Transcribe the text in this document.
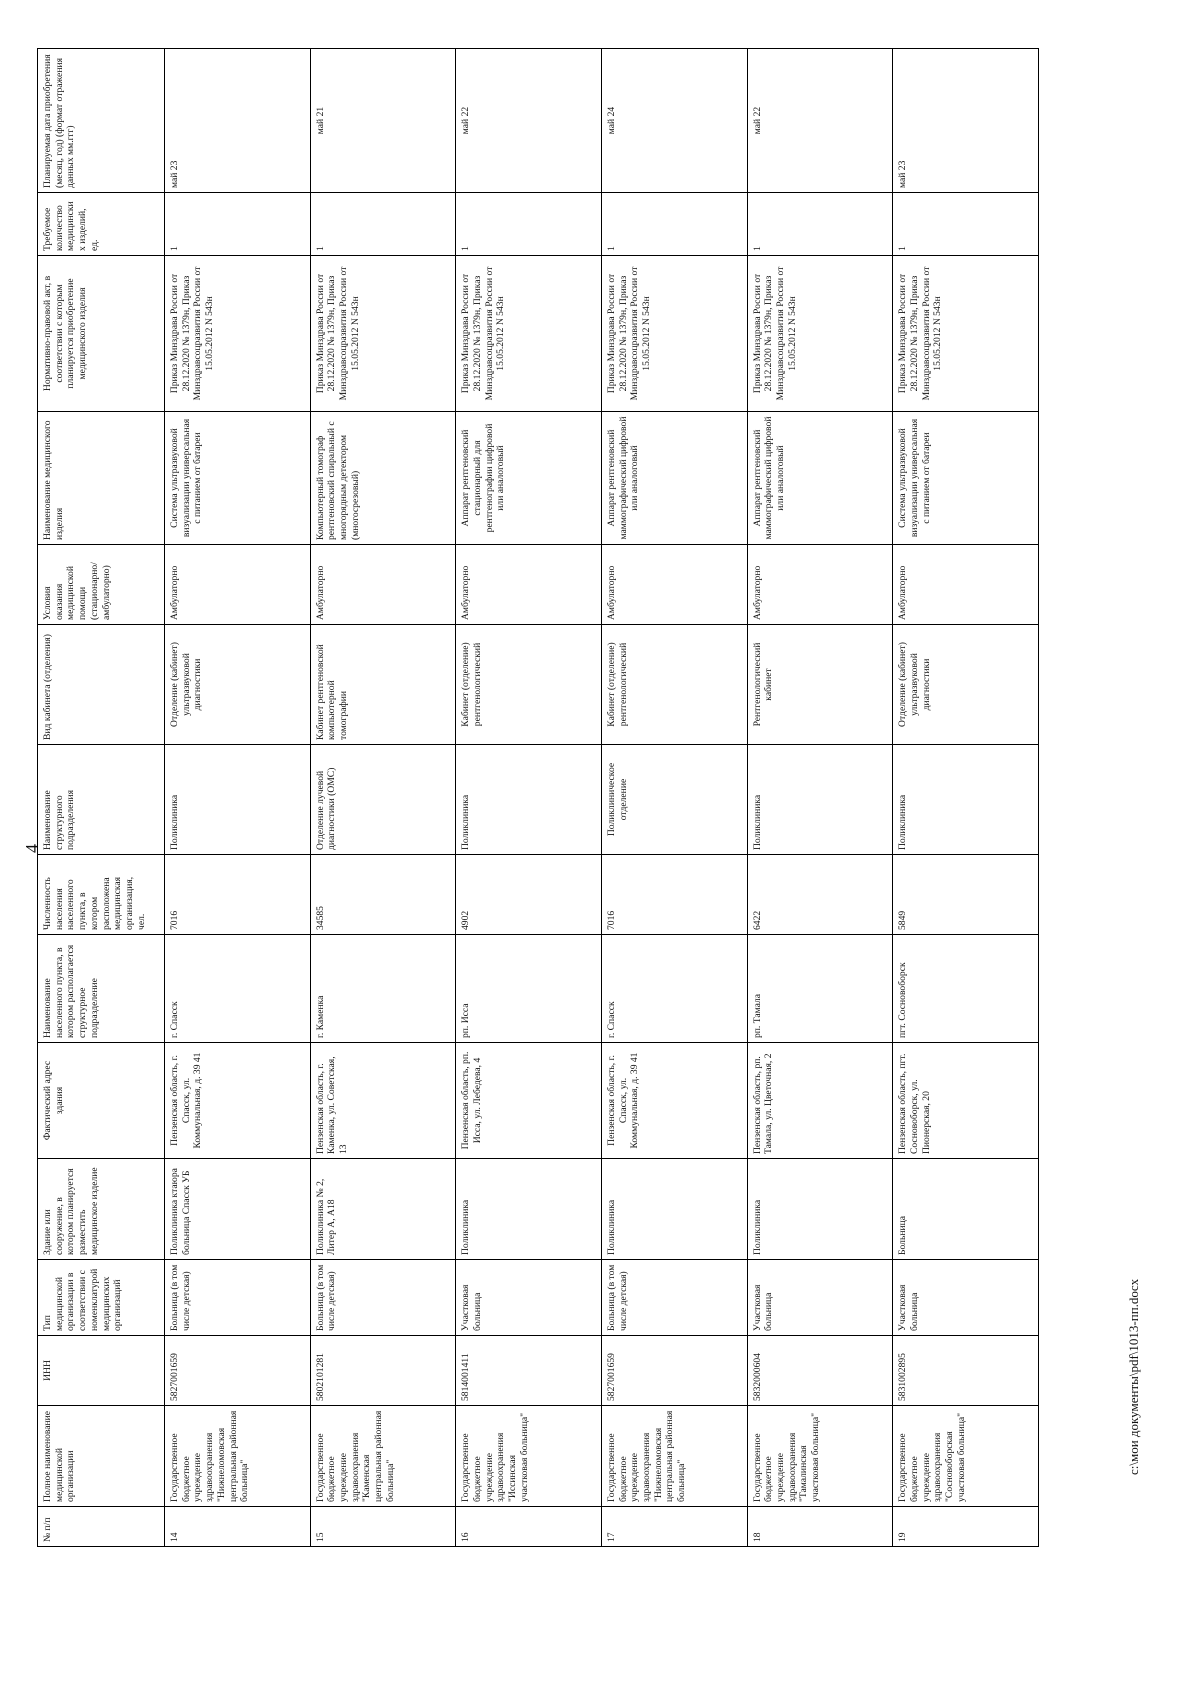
4
№ п/п	Полное наименование медицинской организации	ИНН	Тип медицинской организации в соответствии с номенклатурой медицинских организаций	Здание или сооружение, в котором планируется разместить медицинское изделие	Фактический адрес здания	Наименование населенного пункта, в котором располагается структурное подразделение	Численность населения населенного пункта, в котором расположена медицинская организация, чел.	Наименование структурного подразделения	Вид кабинета (отделения)	Условия оказания медицинской помощи (стационарно/амбулаторно)	Наименование медицинского изделия	Нормативно-правовой акт, в соответствии с которым планируется приобретение медицинского изделия	Требуемое количество медицинских изделий, ед.	Планируемая дата приобретения (месяц, год) (формат отражения данных мм.ггг)
14	Государственное бюджетное учреждение здравоохранения "Нижнеломовская центральная районная больница"	5827001659	Больница (в том числе детская)	Поликлиника ктаюра больница Спасск УБ	Пензенская область, г. Спасск, ул. Коммунальная, д. 39 41	г. Спасск	7016	Поликлиника	Отделение (кабинет) ультразвуковой диагностики	Амбулаторно	Система ультразвуковой визуализации универсальная с питанием от батареи	Приказ Минздрава России от 28.12.2020 № 1379н, Приказ Минздравсоцразвития России от 15.05.2012 N 543н	1	май 23
15	Государственное бюджетное учреждение здравоохранения "Каменская центральная районная больница"	5802101281	Больница (в том числе детская)	Поликлиника № 2, Литер А, А18	Пензенская область, г. Каменка, ул. Советская, 13	г. Каменка	34585	Отделение лучевой диагностики (ОМС)	Кабинет рентгеновской компьютерной томографии	Амбулаторно	Компьютерный томограф рентгеновский спиральный с многорядным детектором (многосрезовый)	Приказ Минздрава России от 28.12.2020 № 1379н, Приказ Минздравсоцразвития России от 15.05.2012 N 543н	1	май 21
16	Государственное бюджетное учреждение здравоохранения "Иссинская участковая больница"	5814001411	Участковая больница	Поликлиника	Пензенская область, рп. Исса, ул. Лебедева, 4	рп. Исса	4902	Поликлиника	Кабинет (отделение) рентгенологический	Амбулаторно	Аппарат рентгеновский стационарный для рентгенографии цифровой или аналоговый	Приказ Минздрава России от 28.12.2020 № 1379н, Приказ Минздравсоцразвития России от 15.05.2012 N 543н	1	май 22
17	Государственное бюджетное учреждение здравоохранения "Нижнеломовская центральная районная больница"	5827001659	Больница (в том числе детская)	Поликлиника	Пензенская область, г. Спасск, ул. Коммунальная, д. 39 41	г. Спасск	7016	Поликлиническое отделение	Кабинет (отделение) рентгенологический	Амбулаторно	Аппарат рентгеновский маммографический цифровой или аналоговый	Приказ Минздрава России от 28.12.2020 № 1379н, Приказ Минздравсоцразвития России от 15.05.2012 N 543н	1	май 24
18	Государственное бюджетное учреждение здравоохранения "Тамалинская участковая больница"	5832000604	Участковая больница	Поликлиника	Пензенская область, рп. Тамала, ул. Цветочная, 2	рп. Тамала	6422	Поликлиника	Рентгенологический кабинет	Амбулаторно	Аппарат рентгеновский маммографический цифровой или аналоговый	Приказ Минздрава России от 28.12.2020 № 1379н, Приказ Минздравсоцразвития России от 15.05.2012 N 543н	1	май 22
19	Государственное бюджетное учреждение здравоохранения "Сосновоборская участковая больница"	5831002895	Участковая больница	Больница	Пензенская область, пгт. Сосновоборск, ул. Пионерская, 20	пгт. Сосновоборск	5849	Поликлиника	Отделение (кабинет) ультразвуковой диагностики	Амбулаторно	Система ультразвуковой визуализации универсальная с питанием от батареи	Приказ Минздрава России от 28.12.2020 № 1379н, Приказ Минздравсоцразвития России от 15.05.2012 N 543н	1	май 23
c:\мои документы\pdf\1013-пп.docx
